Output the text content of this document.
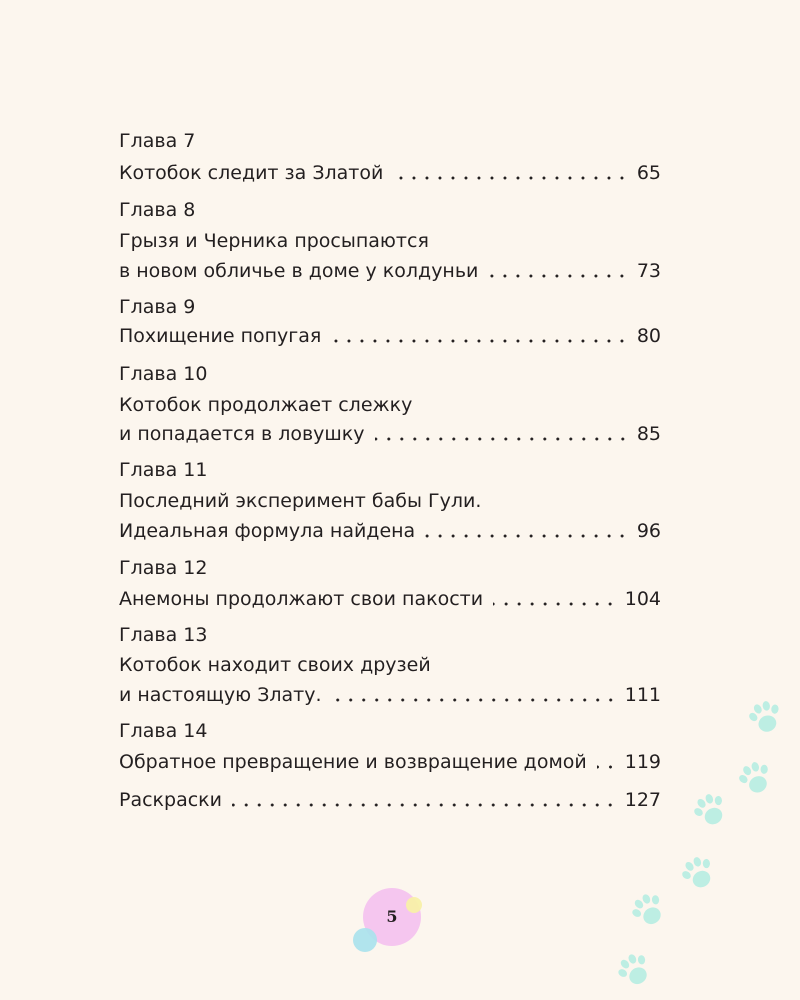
Глава 7
Котобок следит за Златой	65
Глава 8
Грызя и Черника просыпаются
в новом обличье в доме у колдуньи	73
Глава 9
Похищение попугая	80
Глава 10
Котобок продолжает слежку
и попадается в ловушку	85
Глава 11
Последний эксперимент бабы Гули.
Идеальная формула найдена	96
Глава 12
Анемоны продолжают свои пакости	104
Глава 13
Котобок находит своих друзей
и настоящую Злату.	111
Глава 14
Обратное превращение и возвращение домой 119
Раскраски	127
5
